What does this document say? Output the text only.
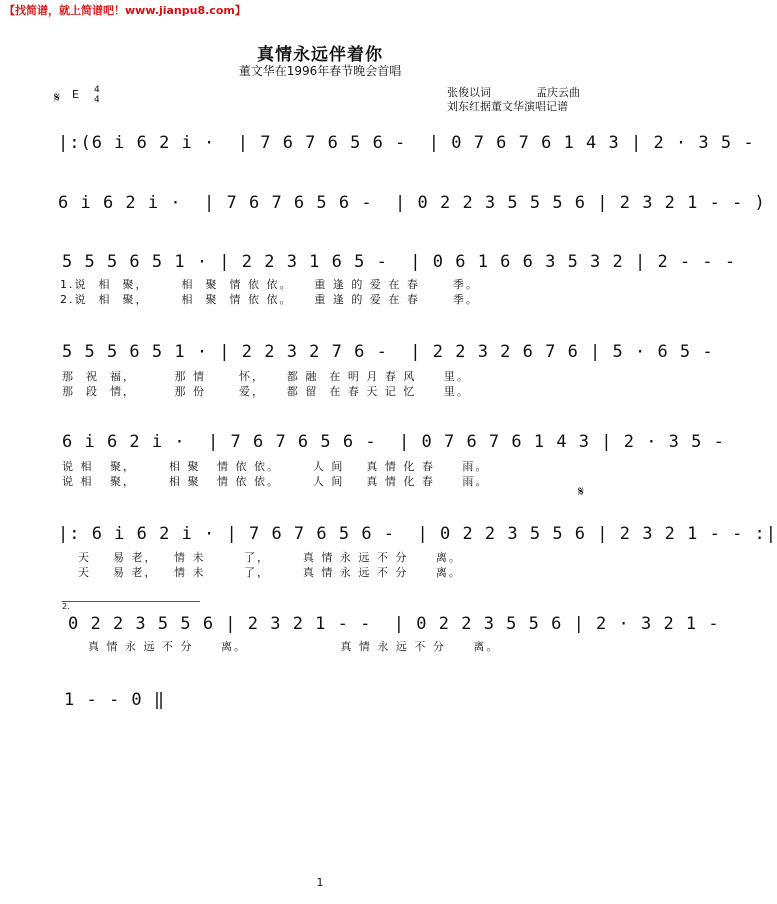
【找简谱，就上简谱吧！www.jianpu8.com】
真情永远伴着你
董文华在1996年春节晚会首唱
张俊以词	孟庆云曲
刘东红据董文华演唱记谱
𝄋 E 4
4
|:(6 i 6 2 i ·  | 7 6 7 6 5 6 -  | 0 7 6 7 6 1 4 3 | 2 · 3 5 -
6 i 6 2 i ·  | 7 6 7 6 5 6 -  | 0 2 2 3 5 5 5 6 | 2 3 2 1 - - )
5 5 5 6 5 1 · | 2 2 3 1 6 5 -  | 0 6 1 6 6 3 5 3 2 | 2 - - -
1.说  相  聚，      相  聚  情 依 依。    重 逢 的 爱 在 春      季。
2.说  相  聚，      相  聚  情 依 依。    重 逢 的 爱 在 春      季。
5 5 5 6 5 1 · | 2 2 3 2 7 6 -  | 2 2 3 2 6 7 6 | 5 · 6 5 -
那  祝  福，       那 情      怀，    都 融  在 明 月 春 风     里。
那  段  情，       那 份      爱，    都 留  在 春 天 记 忆     里。
6 i 6 2 i ·  | 7 6 7 6 5 6 -  | 0 7 6 7 6 1 4 3 | 2 · 3 5 -
说 相   聚，      相 聚   情 依 依。      人 间    真 情 化 春     雨。
说 相   聚，      相 聚   情 依 依。      人 间    真 情 化 春     雨。
𝄋
|: 6 i 6 2 i · | 7 6 7 6 5 6 -  | 0 2 2 3 5 5 6 | 2 3 2 1 - - :|
天    易 老，   情 未       了，      真 情 永 远 不 分     离。
天    易 老，   情 未       了，      真 情 永 远 不 分     离。
2.
0 2 2 3 5 5 6 | 2 3 2 1 - -  | 0 2 2 3 5 5 6 | 2 · 3 2 1 -
真 情 永 远 不 分     离。                 真 情 永 远 不 分     离。
1 - - 0 ‖
1
